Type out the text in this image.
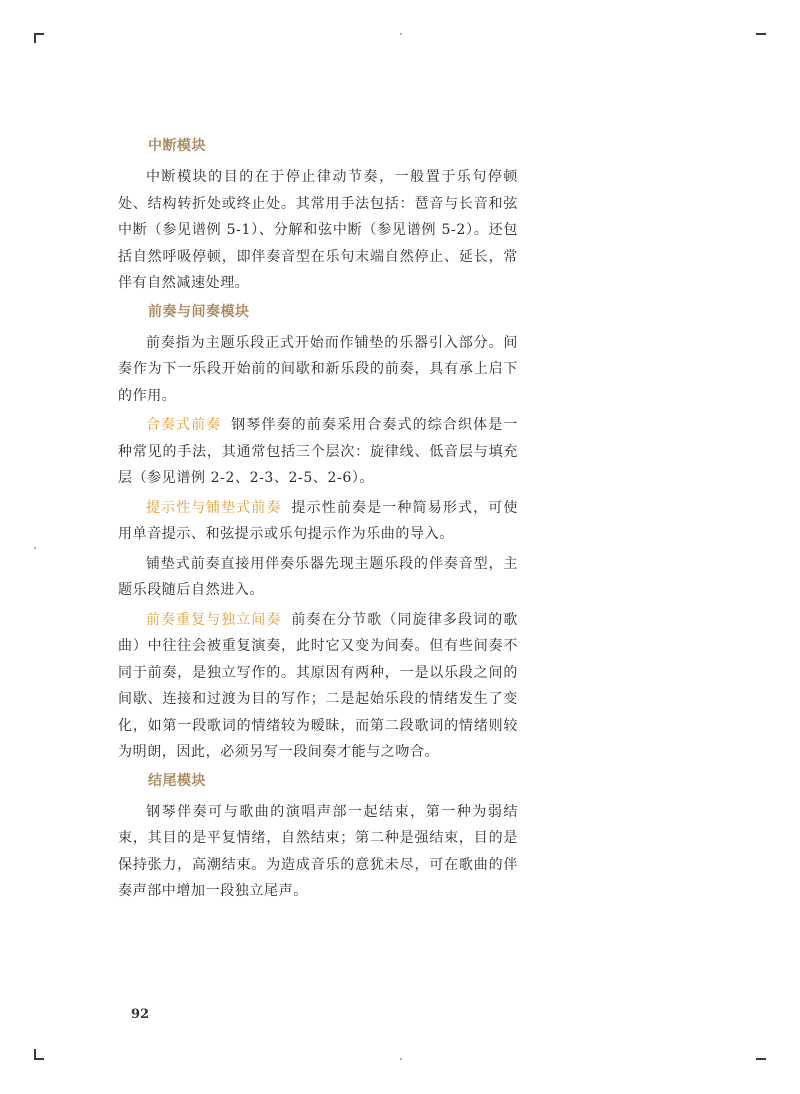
中断模块

中断模块的目的在于停止律动节奏，一般置于乐句停顿处、结构转折处或终止处。其常用手法包括：琶音与长音和弦中断（参见谱例 5-1）、分解和弦中断（参见谱例 5-2）。还包括自然呼吸停顿，即伴奏音型在乐句末端自然停止、延长，常伴有自然减速处理。

前奏与间奏模块

前奏指为主题乐段正式开始而作铺垫的乐器引入部分。间奏作为下一乐段开始前的间歇和新乐段的前奏，具有承上启下的作用。

合奏式前奏 钢琴伴奏的前奏采用合奏式的综合织体是一种常见的手法，其通常包括三个层次：旋律线、低音层与填充层（参见谱例 2-2、2-3、2-5、2-6）。

提示性与铺垫式前奏 提示性前奏是一种简易形式，可使用单音提示、和弦提示或乐句提示作为乐曲的导入。

铺垫式前奏直接用伴奏乐器先现主题乐段的伴奏音型，主题乐段随后自然进入。

前奏重复与独立间奏 前奏在分节歌（同旋律多段词的歌曲）中往往会被重复演奏，此时它又变为间奏。但有些间奏不同于前奏，是独立写作的。其原因有两种，一是以乐段之间的间歇、连接和过渡为目的写作；二是起始乐段的情绪发生了变化，如第一段歌词的情绪较为暧昧，而第二段歌词的情绪则较为明朗，因此，必须另写一段间奏才能与之吻合。

结尾模块

钢琴伴奏可与歌曲的演唱声部一起结束，第一种为弱结束，其目的是平复情绪，自然结束；第二种是强结束，目的是保持张力，高潮结束。为造成音乐的意犹未尽，可在歌曲的伴奏声部中增加一段独立尾声。

92
